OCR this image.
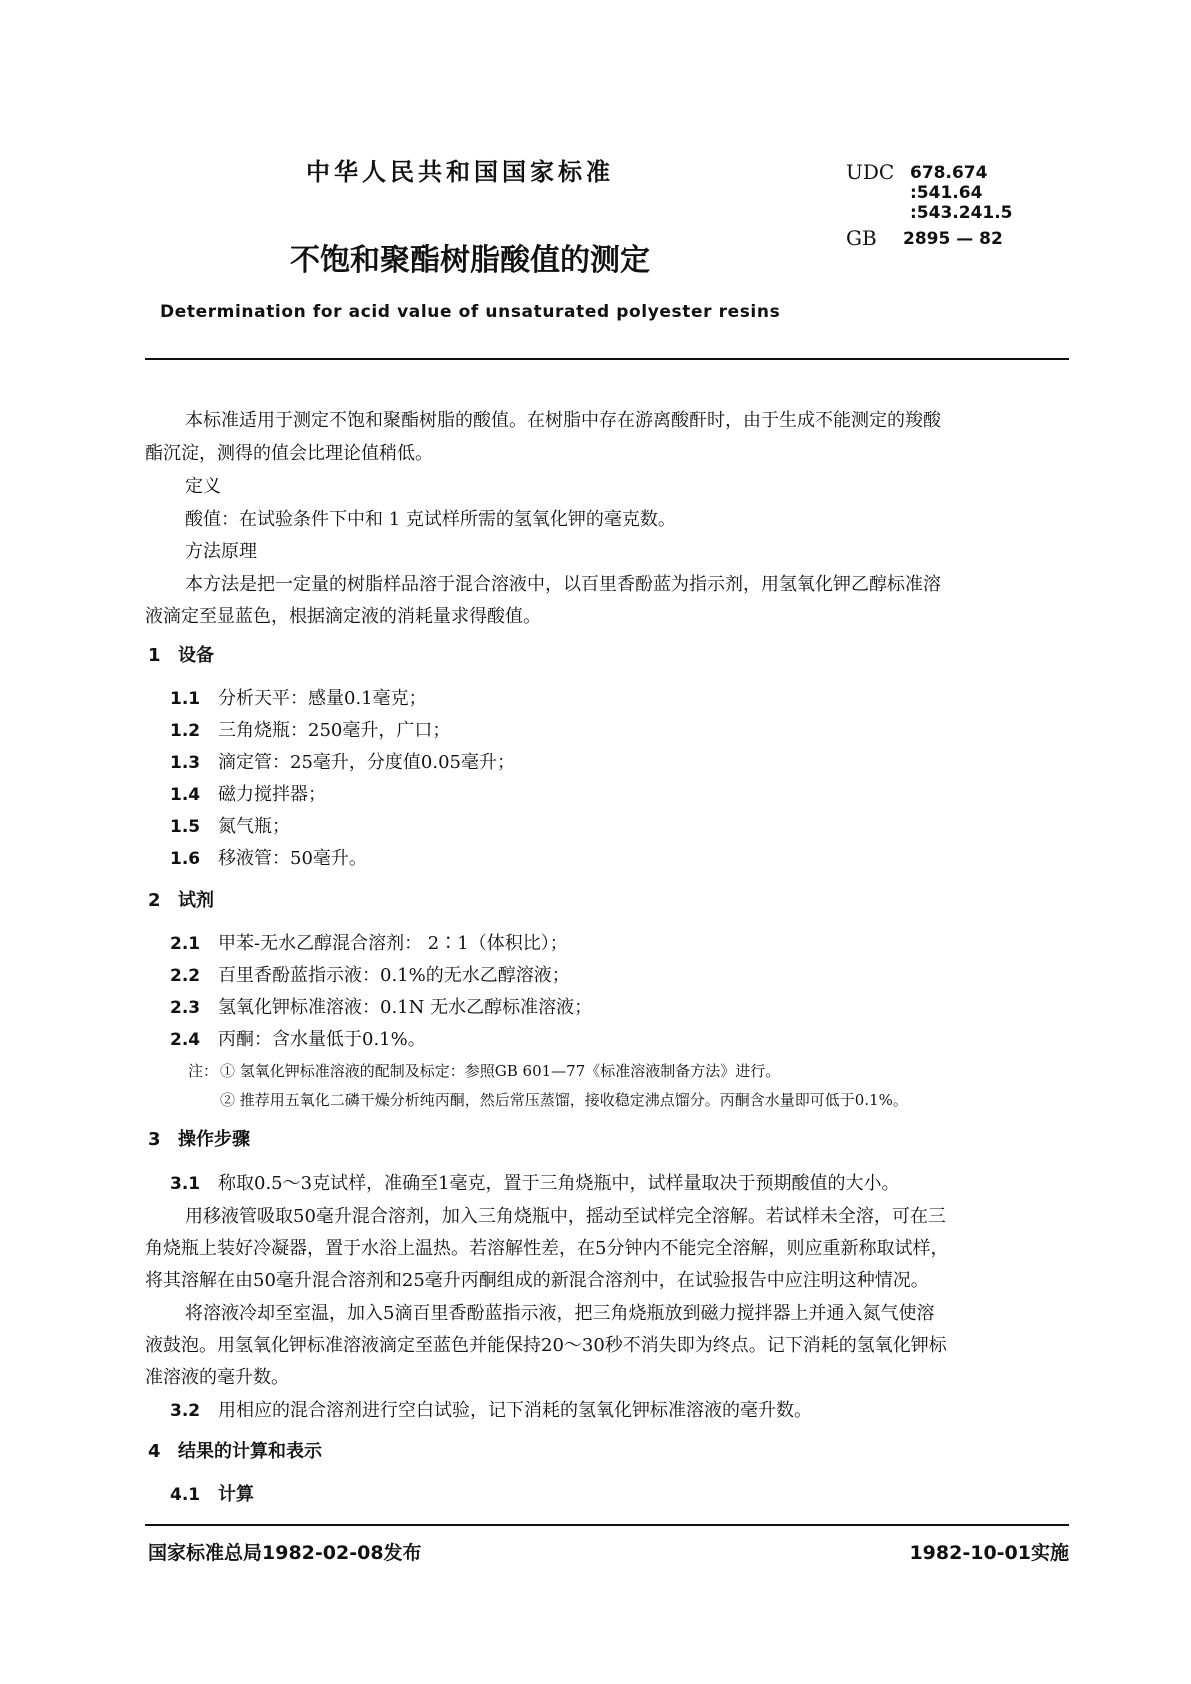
中华人民共和国国家标准	UDC 678.674
:541.64
:543.241.5
GB 2895 — 82
不饱和聚酯树脂酸值的测定
Determination for acid value of unsaturated polyester resins
本标准适用于测定不饱和聚酯树脂的酸值。在树脂中存在游离酸酐时，由于生成不能测定的羧酸
酯沉淀，测得的值会比理论值稍低。
定义
酸值：在试验条件下中和 1 克试样所需的氢氧化钾的毫克数。
方法原理
本方法是把一定量的树脂样品溶于混合溶液中，以百里香酚蓝为指示剂，用氢氧化钾乙醇标准溶
液滴定至显蓝色，根据滴定液的消耗量求得酸值。
1 设备
1.1 分析天平：感量0.1毫克；
1.2 三角烧瓶：250毫升，广口；
1.3 滴定管：25毫升，分度值0.05毫升；
1.4 磁力搅拌器；
1.5 氮气瓶；
1.6 移液管：50毫升。
2 试剂
2.1 甲苯-无水乙醇混合溶剂： 2∶1（体积比）；
2.2 百里香酚蓝指示液：0.1%的无水乙醇溶液；
2.3 氢氧化钾标准溶液：0.1N 无水乙醇标准溶液；
2.4 丙酮：含水量低于0.1%。
注： ① 氢氧化钾标准溶液的配制及标定：参照GB 601—77《标准溶液制备方法》进行。
② 推荐用五氧化二磷干燥分析纯丙酮，然后常压蒸馏，接收稳定沸点馏分。丙酮含水量即可低于0.1%。
3 操作步骤
3.1 称取0.5～3克试样，准确至1毫克，置于三角烧瓶中，试样量取决于预期酸值的大小。
用移液管吸取50毫升混合溶剂，加入三角烧瓶中，摇动至试样完全溶解。若试样未全溶，可在三
角烧瓶上装好冷凝器，置于水浴上温热。若溶解性差，在5分钟内不能完全溶解，则应重新称取试样，
将其溶解在由50毫升混合溶剂和25毫升丙酮组成的新混合溶剂中，在试验报告中应注明这种情况。
将溶液冷却至室温，加入5滴百里香酚蓝指示液，把三角烧瓶放到磁力搅拌器上并通入氮气使溶
液鼓泡。用氢氧化钾标准溶液滴定至蓝色并能保持20～30秒不消失即为终点。记下消耗的氢氧化钾标
准溶液的毫升数。
3.2 用相应的混合溶剂进行空白试验，记下消耗的氢氧化钾标准溶液的毫升数。
4 结果的计算和表示
4.1 计算
国家标准总局1982-02-08发布	1982-10-01实施
